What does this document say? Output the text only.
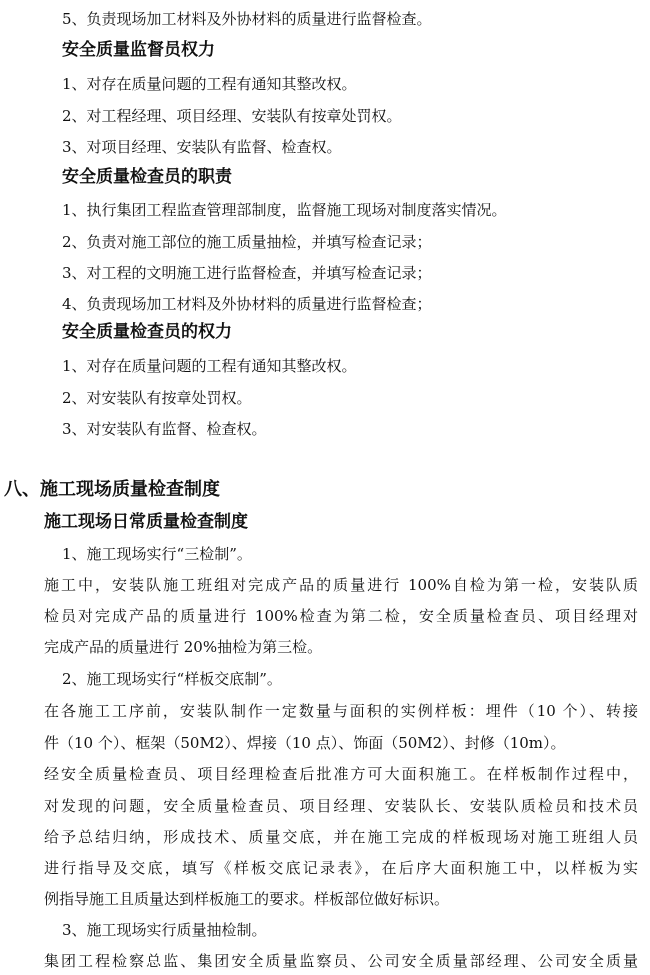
5、负责现场加工材料及外协材料的质量进行监督检查。
安全质量监督员权力
1、对存在质量问题的工程有通知其整改权。
2、对工程经理、项目经理、安装队有按章处罚权。
3、对项目经理、安装队有监督、检查权。
安全质量检查员的职责
1、执行集团工程监查管理部制度，监督施工现场对制度落实情况。
2、负责对施工部位的施工质量抽检，并填写检查记录；
3、对工程的文明施工进行监督检查，并填写检查记录；
4、负责现场加工材料及外协材料的质量进行监督检查；
安全质量检查员的权力
1、对存在质量问题的工程有通知其整改权。
2、对安装队有按章处罚权。
3、对安装队有监督、检查权。
八、施工现场质量检查制度
施工现场日常质量检查制度
1、施工现场实行“三检制”。
施工中，安装队施工班组对完成产品的质量进行 100%自检为第一检，安装队质
检员对完成产品的质量进行 100%检查为第二检，安全质量检查员、项目经理对
完成产品的质量进行 20%抽检为第三检。
2、施工现场实行“样板交底制”。
在各施工工序前，安装队制作一定数量与面积的实例样板：埋件（10 个）、转接
件（10 个）、框架（50M2）、焊接（10 点）、饰面（50M2）、封修（10m）。
经安全质量检查员、项目经理检查后批准方可大面积施工。在样板制作过程中，
对发现的问题，安全质量检查员、项目经理、安装队长、安装队质检员和技术员
给予总结归纳，形成技术、质量交底，并在施工完成的样板现场对施工班组人员
进行指导及交底，填写《样板交底记录表》，在后序大面积施工中，以样板为实
例指导施工且质量达到样板施工的要求。样板部位做好标识。
3、施工现场实行质量抽检制。
集团工程检察总监、集团安全质量监察员、公司安全质量部经理、公司安全质量
